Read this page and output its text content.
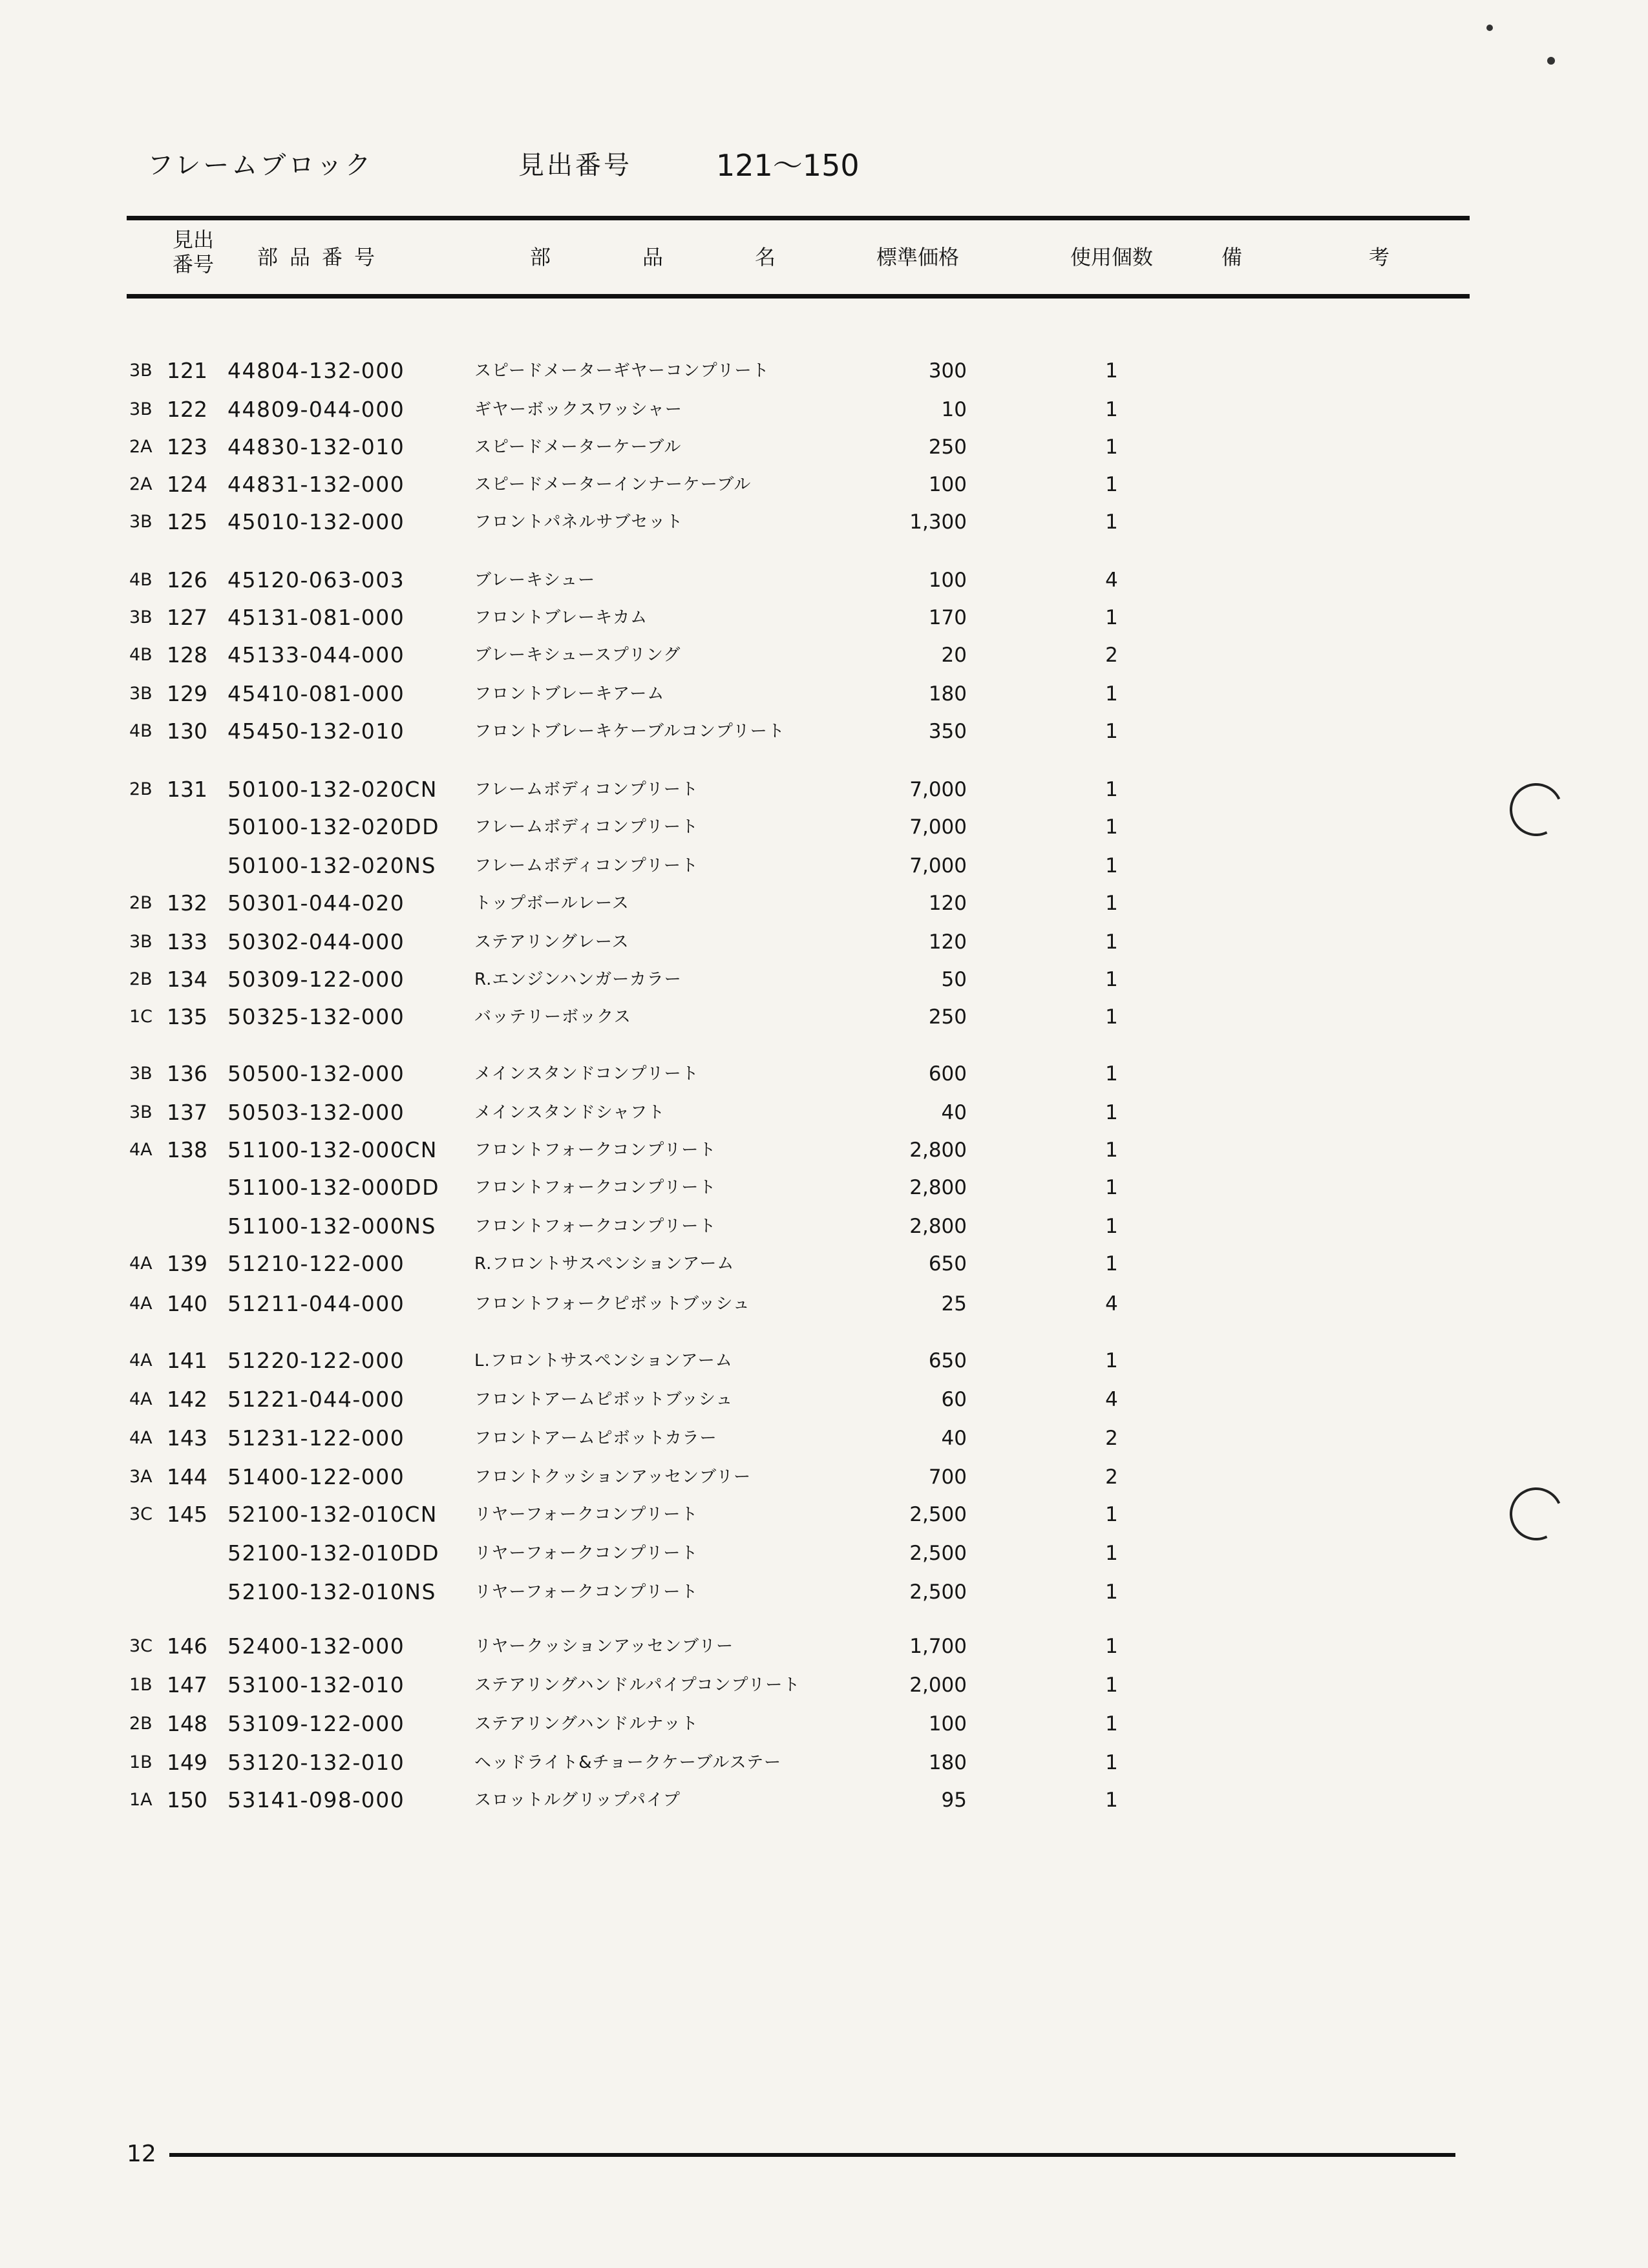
フレームブロック	見出番号	121〜150
見出
番号	部品番号	部品名	標準価格	使用個数	備考
3B 121 44804-132-000	スピードメーターギヤーコンプリート	300	1
3B 122 44809-044-000	ギヤーボックスワッシャー	10	1
2A 123 44830-132-010	スピードメーターケーブル	250	1
2A 124 44831-132-000	スピードメーターインナーケーブル	100	1
3B 125 45010-132-000	フロントパネルサブセット	1,300	1
4B 126 45120-063-003	ブレーキシュー	100	4
3B 127 45131-081-000	フロントブレーキカム	170	1
4B 128 45133-044-000	ブレーキシュースプリング	20	2
3B 129 45410-081-000	フロントブレーキアーム	180	1
4B 130 45450-132-010	フロントブレーキケーブルコンプリート	350	1
2B 131 50100-132-020CN フレームボディコンプリート	7,000	1
50100-132-020DD フレームボディコンプリート	7,000	1
50100-132-020NS フレームボディコンプリート	7,000	1
2B 132 50301-044-020	トップボールレース	120	1
3B 133 50302-044-000	ステアリングレース	120	1
2B 134 50309-122-000	R.エンジンハンガーカラー	50	1
1C 135 50325-132-000	バッテリーボックス	250	1
3B 136 50500-132-000	メインスタンドコンプリート	600	1
3B 137 50503-132-000	メインスタンドシャフト	40	1
4A 138 51100-132-000CN フロントフォークコンプリート	2,800	1
51100-132-000DD フロントフォークコンプリート	2,800	1
51100-132-000NS フロントフォークコンプリート	2,800	1
4A 139 51210-122-000	R.フロントサスペンションアーム	650	1
4A 140 51211-044-000	フロントフォークピボットブッシュ	25	4
4A 141 51220-122-000	L.フロントサスペンションアーム	650	1
4A 142 51221-044-000	フロントアームピボットブッシュ	60	4
4A 143 51231-122-000	フロントアームピボットカラー	40	2
3A 144 51400-122-000	フロントクッションアッセンブリー	700	2
3C 145 52100-132-010CN リヤーフォークコンプリート	2,500	1
52100-132-010DD リヤーフォークコンプリート	2,500	1
52100-132-010NS リヤーフォークコンプリート	2,500	1
3C 146 52400-132-000	リヤークッションアッセンブリー	1,700	1
1B 147 53100-132-010	ステアリングハンドルパイプコンプリート	2,000	1
2B 148 53109-122-000	ステアリングハンドルナット	100	1
1B 149 53120-132-010	ヘッドライト&チョークケーブルステー	180	1
1A 150 53141-098-000	スロットルグリップパイプ	95	1
12
